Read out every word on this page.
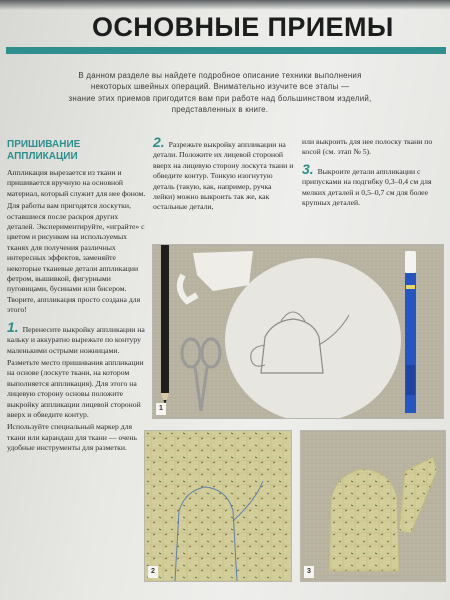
ОСНОВНЫЕ ПРИЕМЫ
В данном разделе вы найдете подробное описание техники выполнения
некоторых швейных операций. Внимательно изучите все этапы —
знание этих приемов пригодится вам при работе над большинством изделий,
представленных в книге.
ПРИШИВАНИЕ
АППЛИКАЦИИ

Аппликация вырезается из ткани и пришивается вручную на основной материал, который служит для нее фоном.

Для работы вам пригодятся лоскутки, оставшиеся после раскроя других деталей. Экспериментируйте, «играйте» с цветом и рисунком на используемых тканях для получения различных интересных эффектов, заменяйте некоторые тканевые детали аппликации фетром, вышивкой, фигурными пуговицами, бусинами или бисером. Творите, аппликация просто создана для этого!

1. Перенесите выкройку аппликации на кальку и аккуратно вырежьте по контуру маленькими острыми ножницами.

Разметьте место пришивания аппликации на основе (лоскуте ткани, на котором выполняется аппликация). Для этого на лицевую сторону основы положите выкройку аппликации лицевой стороной вверх и обведите контур.

Используйте специальный маркер для ткани или карандаш для ткани — очень удобные инструменты для разметки.

2. Разрежьте выкройку аппликации на детали. Положите их лицевой стороной вверх на лицевую сторону лоскута ткани и обведите контур. Тонкую изогнутую деталь (такую, как, например, ручка лейки) можно выкроить так же, как остальные детали,

или выкроить для нее полоску ткани по косой (см. этап № 5).

3. Выкроите детали аппликации с припусками на подгибку 0,3–0,4 см для мелких деталей и 0,5–0,7 см для более крупных деталей.

1
2	3
